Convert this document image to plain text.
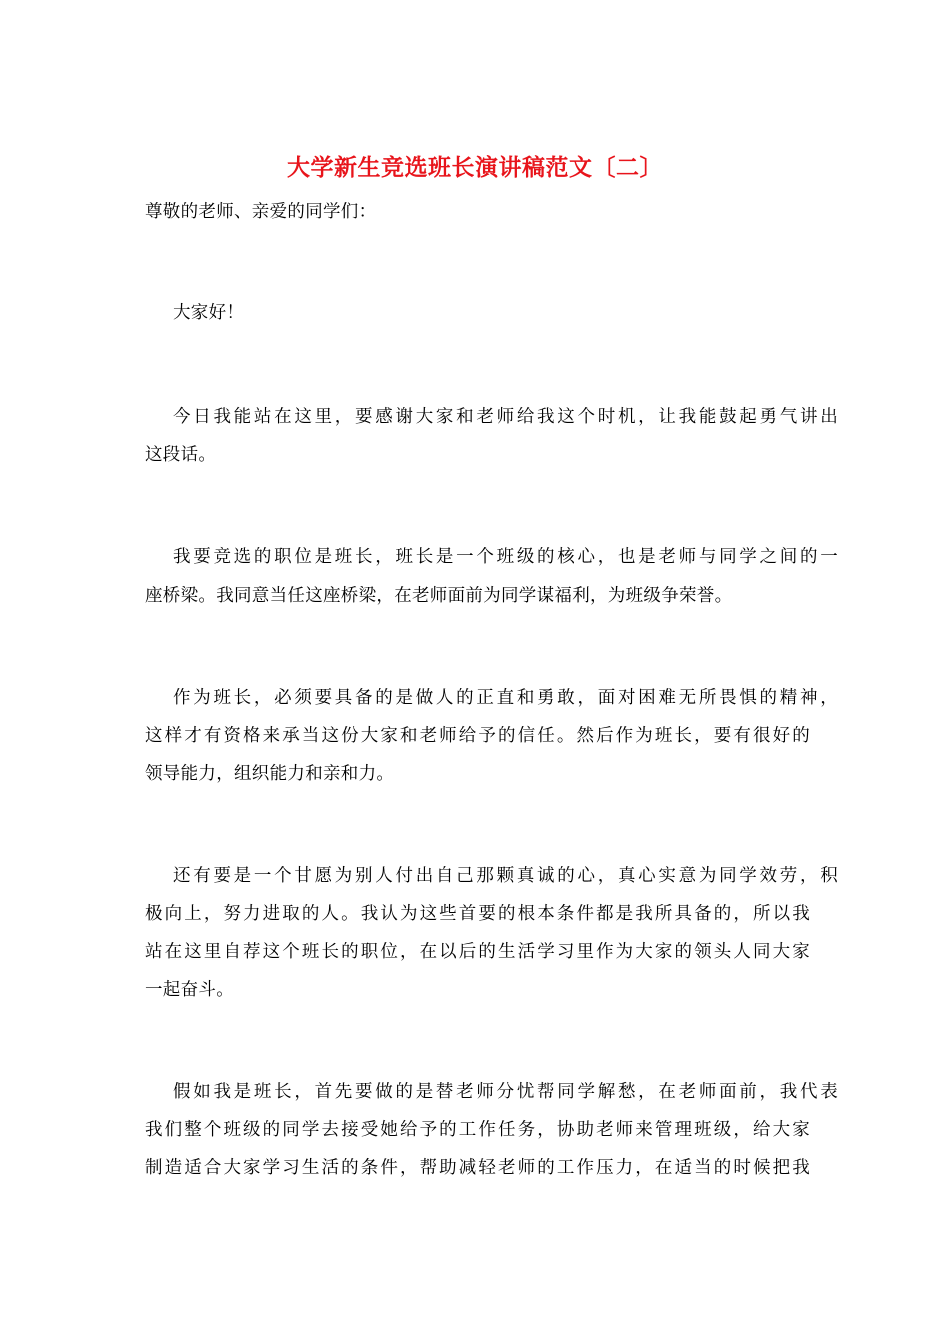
大学新生竞选班长演讲稿范文〔二〕
尊敬的老师、亲爱的同学们：
大家好！
今日我能站在这里，要感谢大家和老师给我这个时机，让我能鼓起勇气讲出
这段话。
我要竞选的职位是班长，班长是一个班级的核心，也是老师与同学之间的一
座桥梁。我同意当任这座桥梁，在老师面前为同学谋福利，为班级争荣誉。
作为班长，必须要具备的是做人的正直和勇敢，面对困难无所畏惧的精神，
这样才有资格来承当这份大家和老师给予的信任。然后作为班长，要有很好的
领导能力，组织能力和亲和力。
还有要是一个甘愿为别人付出自己那颗真诚的心，真心实意为同学效劳，积
极向上，努力进取的人。我认为这些首要的根本条件都是我所具备的，所以我
站在这里自荐这个班长的职位，在以后的生活学习里作为大家的领头人同大家
一起奋斗。
假如我是班长，首先要做的是替老师分忧帮同学解愁，在老师面前，我代表
我们整个班级的同学去接受她给予的工作任务，协助老师来管理班级，给大家
制造适合大家学习生活的条件，帮助减轻老师的工作压力，在适当的时候把我
